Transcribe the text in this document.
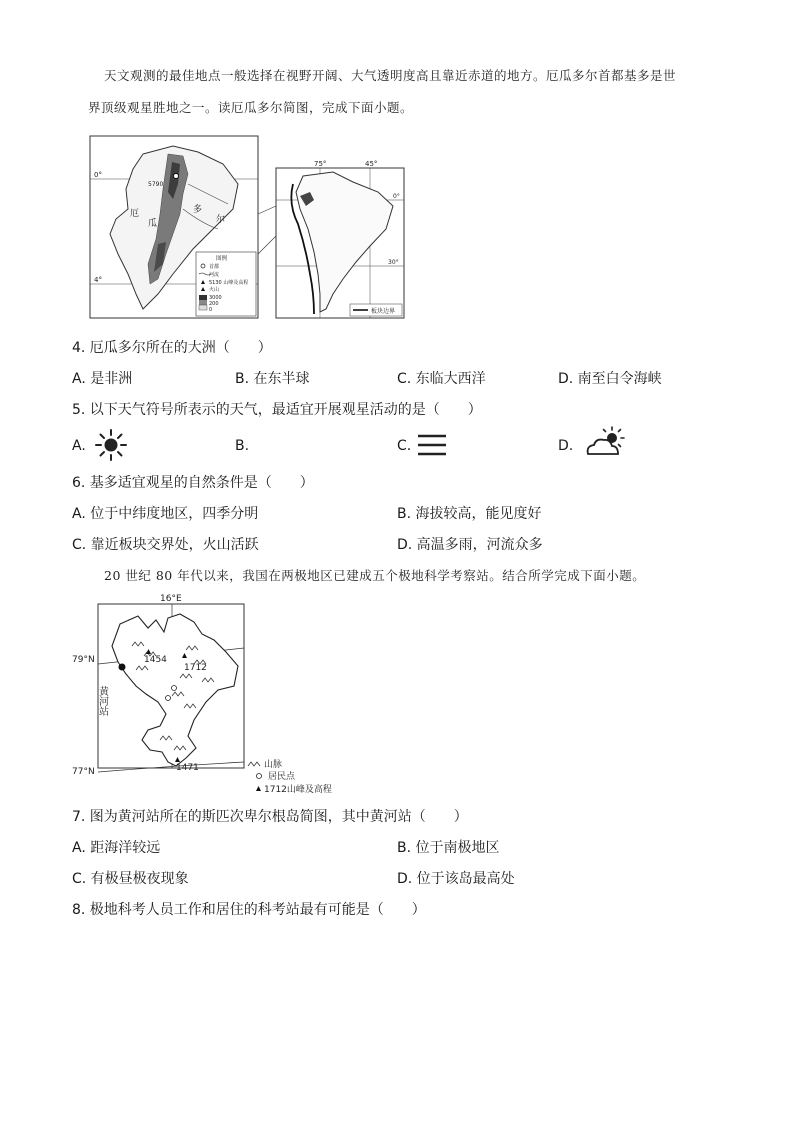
天文观测的最佳地点一般选择在视野开阔、大气透明度高且靠近赤道的地方。厄瓜多尔首都基多是世
界顶级观星胜地之一。读厄瓜多尔简图，完成下面小题。
0°
4°
厄
瓜
多
尔
5790
图例
首都
河流
5130 山峰及高程
火山
3000
200
0
75°	45°
0°
30°
板块边界
4. 厄瓜多尔所在的大洲（　　）
A. 是非洲	B. 在东半球	C. 东临大西洋	D. 南至白令海峡
5. 以下天气符号所表示的天气，最适宜开展观星活动的是（　　）
A.	B.	C.	D.
6. 基多适宜观星的自然条件是（　　）
A. 位于中纬度地区，四季分明	B. 海拔较高，能见度好
C. 靠近板块交界处，火山活跃	D. 高温多雨，河流众多
20 世纪 80 年代以来，我国在两极地区已建成五个极地科学考察站。结合所学完成下面小题。
16°E
79°N
77°N
黄河站
1454
1712
1471	山脉
居民点
1712山峰及高程
7. 图为黄河站所在的斯匹次卑尔根岛简图，其中黄河站（　　）
A. 距海洋较远	B. 位于南极地区
C. 有极昼极夜现象	D. 位于该岛最高处
8. 极地科考人员工作和居住的科考站最有可能是（　　）
